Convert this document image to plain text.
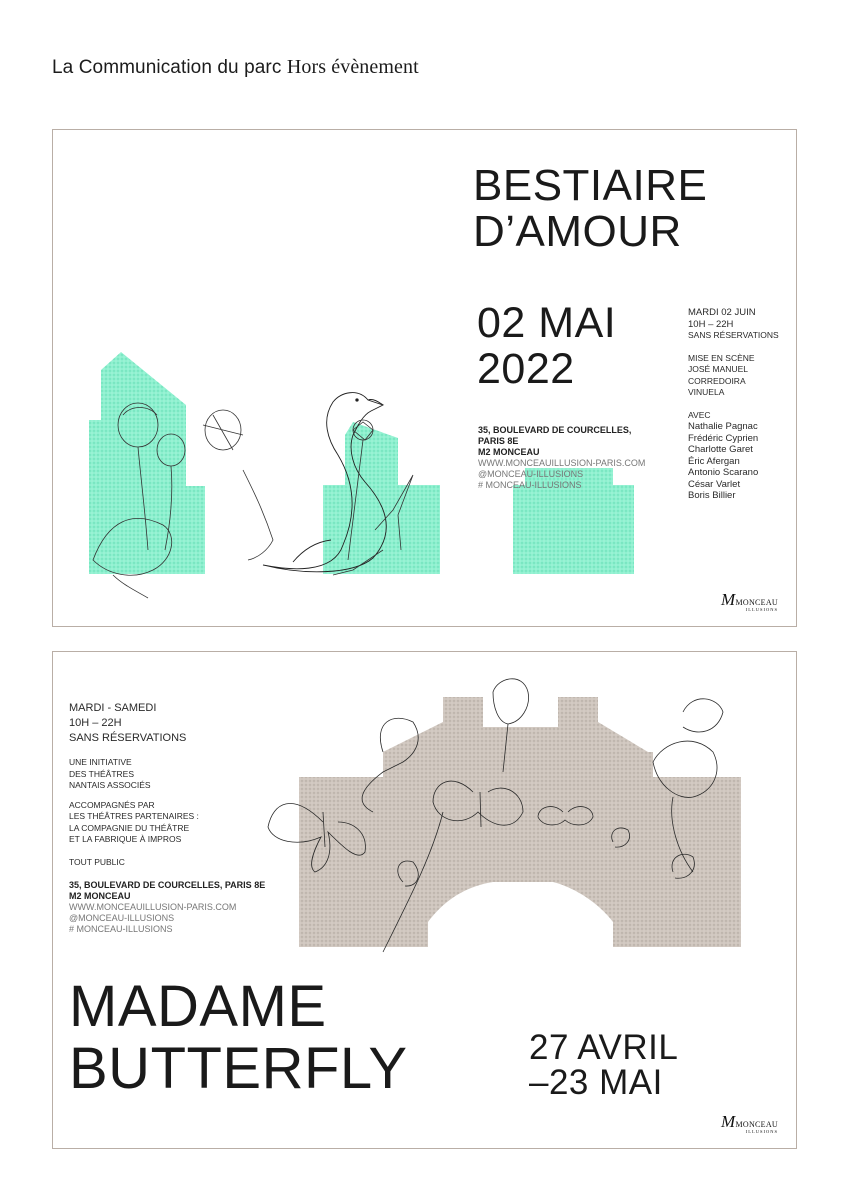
La Communication du parc Hors évènement
BESTIAIRE
D’AMOUR
02 MAI
2022
MARDI 02 JUIN
10H – 22H
SANS RÉSERVATIONS
MISE EN SCÈNE
JOSÉ MANUEL
CORREDOIRA
VINUELA
AVEC
Nathalie Pagnac
Frédéric Cyprien
Charlotte Garet
Éric Afergan
Antonio Scarano
César Varlet
Boris Billier
35, BOULEVARD DE COURCELLES,
PARIS 8E
M2 MONCEAU
WWW.MONCEAUILLUSION-PARIS.COM
@MONCEAU-ILLUSIONS
# MONCEAU-ILLUSIONS
MMONCEAU
ILLUSIONS
MARDI - SAMEDI
10H – 22H
SANS RÉSERVATIONS
UNE INITIATIVE
DES THÉÂTRES
NANTAIS ASSOCIÉS
ACCOMPAGNÉS PAR
LES THÉÂTRES PARTENAIRES :
LA COMPAGNIE DU THÉÂTRE
ET LA FABRIQUE À IMPROS
TOUT PUBLIC
35, BOULEVARD DE COURCELLES, PARIS 8E
M2 MONCEAU
WWW.MONCEAUILLUSION-PARIS.COM
@MONCEAU-ILLUSIONS
# MONCEAU-ILLUSIONS
MADAME
BUTTERFLY	27 AVRIL
–23 MAI
MMONCEAU
ILLUSIONS
